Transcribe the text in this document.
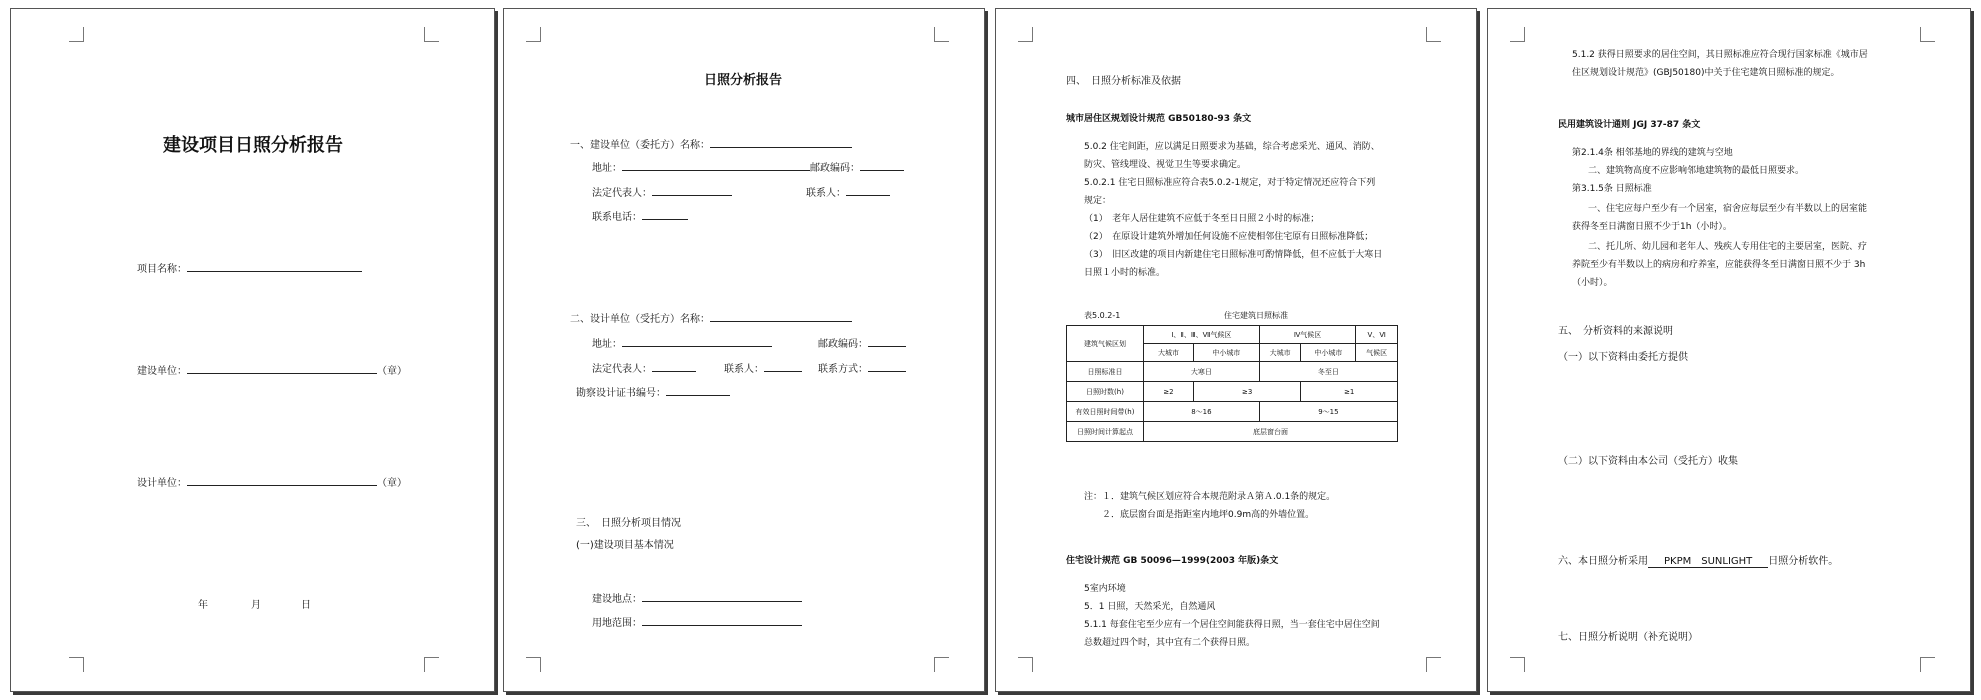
建设项目日照分析报告
项目名称：
建设单位：	（章）
设计单位：	（章）
年	月	日
日照分析报告
一、建设单位（委托方）名称：
地址：	邮政编码：
法定代表人：	联系人：
联系电话：
二、设计单位（受托方）名称：
地址：	邮政编码：
法定代表人：	联系人：	联系方式：
勘察设计证书编号：
三、　日照分析项目情况
(一)建设项目基本情况
建设地点：
用地范围：
四、　日照分析标准及依据
城市居住区规划设计规范 GB50180-93 条文
5.0.2 住宅间距，应以满足日照要求为基础，综合考虑采光、通风、消防、
防灾、管线埋设、视觉卫生等要求确定。
5.0.2.1 住宅日照标准应符合表5.0.2-1规定，对于特定情况还应符合下列
规定：
（1）　老年人居住建筑不应低于冬至日日照２小时的标准；
（2）　在原设计建筑外增加任何设施不应使相邻住宅原有日照标准降低；
（3）　旧区改建的项目内新建住宅日照标准可酌情降低，但不应低于大寒日
日照１小时的标准。
表5.0.2-1	住宅建筑日照标准
建筑气候区划	Ⅰ、Ⅱ、Ⅲ、Ⅶ气候区		Ⅳ气候区		Ⅴ、Ⅵ
	大城市	中小城市	大城市	中小城市	气候区
日照标准日	大寒日		冬至日		
日照时数(h)	≥2	≥3		≥1	
有效日照时间带(h)	8～16		9～15		
日照时间计算起点	底层窗台面				
注：１．建筑气候区划应符合本规范附录Ａ第Ａ.0.1条的规定。
２．底层窗台面是指距室内地坪0.9m高的外墙位置。
住宅设计规范 GB 50096—1999(2003 年版)条文
5室内环境
5．1 日照，天然采光，自然通风
5.1.1 每套住宅至少应有一个居住空间能获得日照，当一套住宅中居住空间
总数超过四个时，其中宜有二个获得日照。
5.1.2 获得日照要求的居住空间，其日照标准应符合现行国家标准《城市居
住区规划设计规范》(GBJ50180)中关于住宅建筑日照标准的规定。
民用建筑设计通则 JGJ 37-87 条文
第2.1.4条 相邻基地的界线的建筑与空地
二、建筑物高度不应影响邻地建筑物的最低日照要求。
第3.1.5条 日照标准
一、住宅应每户至少有一个居室，宿舍应每层至少有半数以上的居室能
获得冬至日满窗日照不少于1h（小时）。
二、托儿所、幼儿园和老年人、残疾人专用住宅的主要居室，医院、疗
养院至少有半数以上的病房和疗养室，应能获得冬至日满窗日照不少于 3h
（小时）。
五、　分析资料的来源说明
（一）以下资料由委托方提供
（二）以下资料由本公司（受托方）收集
六、本日照分析采用 PKPM　SUNLIGHT 日照分析软件。
七、日照分析说明（补充说明）
